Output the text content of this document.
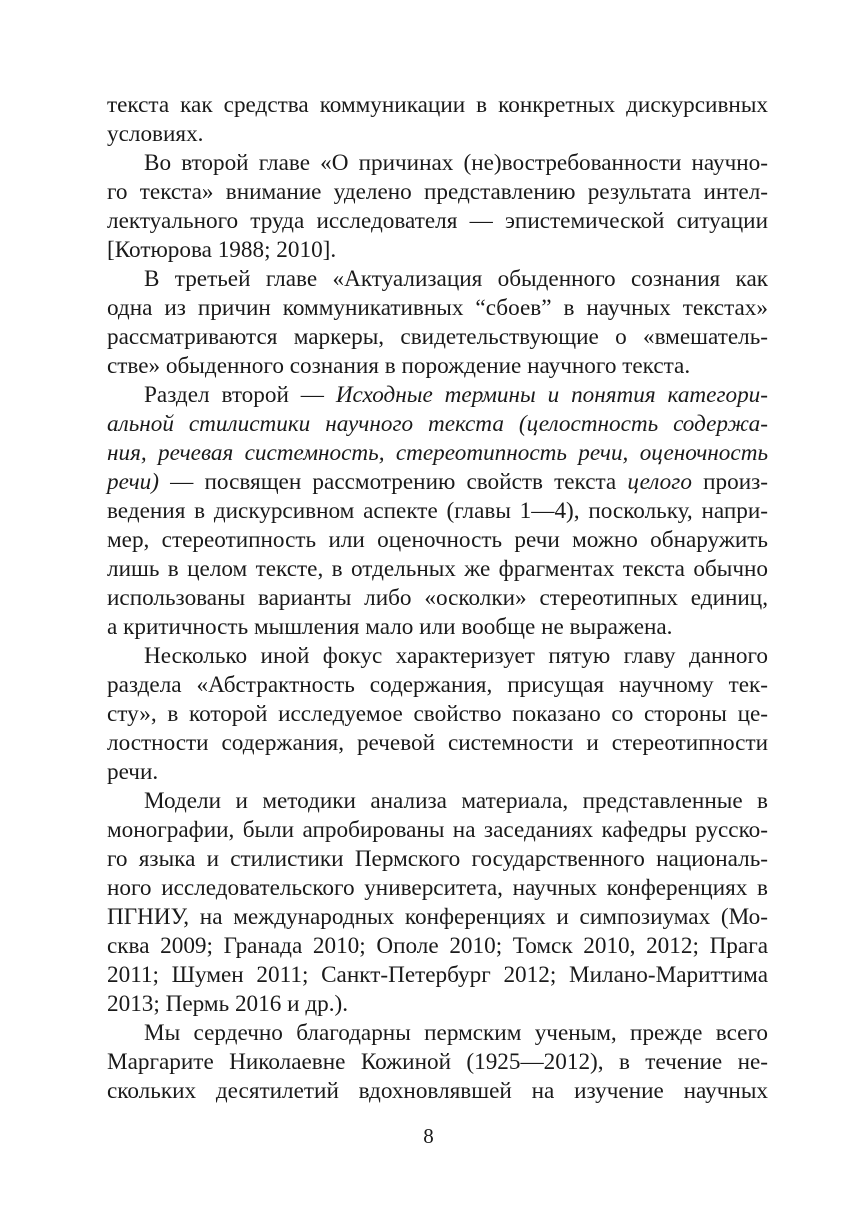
текста как средства коммуникации в конкретных дискурсивных
условиях.
Во второй главе «О причинах (не)востребованности научно-
го текста» внимание уделено представлению результата интел-
лектуального труда исследователя — эпистемической ситуации
[Котюрова 1988; 2010].
В третьей главе «Актуализация обыденного сознания как
одна из причин коммуникативных “сбоев” в научных текстах»
рассматриваются маркеры, свидетельствующие о «вмешатель-
стве» обыденного сознания в порождение научного текста.
Раздел второй — Исходные термины и понятия категори-
альной стилистики научного текста (целостность содержа-
ния, речевая системность, стереотипность речи, оценочность
речи) — посвящен рассмотрению свойств текста целого произ-
ведения в дискурсивном аспекте (главы 1—4), поскольку, напри-
мер, стереотипность или оценочность речи можно обнаружить
лишь в целом тексте, в отдельных же фрагментах текста обычно
использованы варианты либо «осколки» стереотипных единиц,
а критичность мышления мало или вообще не выражена.
Несколько иной фокус характеризует пятую главу данного
раздела «Абстрактность содержания, присущая научному тек-
сту», в которой исследуемое свойство показано со стороны це-
лостности содержания, речевой системности и стереотипности
речи.
Модели и методики анализа материала, представленные в
монографии, были апробированы на заседаниях кафедры русско-
го языка и стилистики Пермского государственного националь-
ного исследовательского университета, научных конференциях в
ПГНИУ, на международных конференциях и симпозиумах (Мо-
сква 2009; Гранада 2010; Ополе 2010; Томск 2010, 2012; Прага
2011; Шумен 2011; Санкт-Петербург 2012; Милано-Мариттима
2013; Пермь 2016 и др.).
Мы сердечно благодарны пермским ученым, прежде всего
Маргарите Николаевне Кожиной (1925—2012), в течение не-
скольких десятилетий вдохновлявшей на изучение научных
8
